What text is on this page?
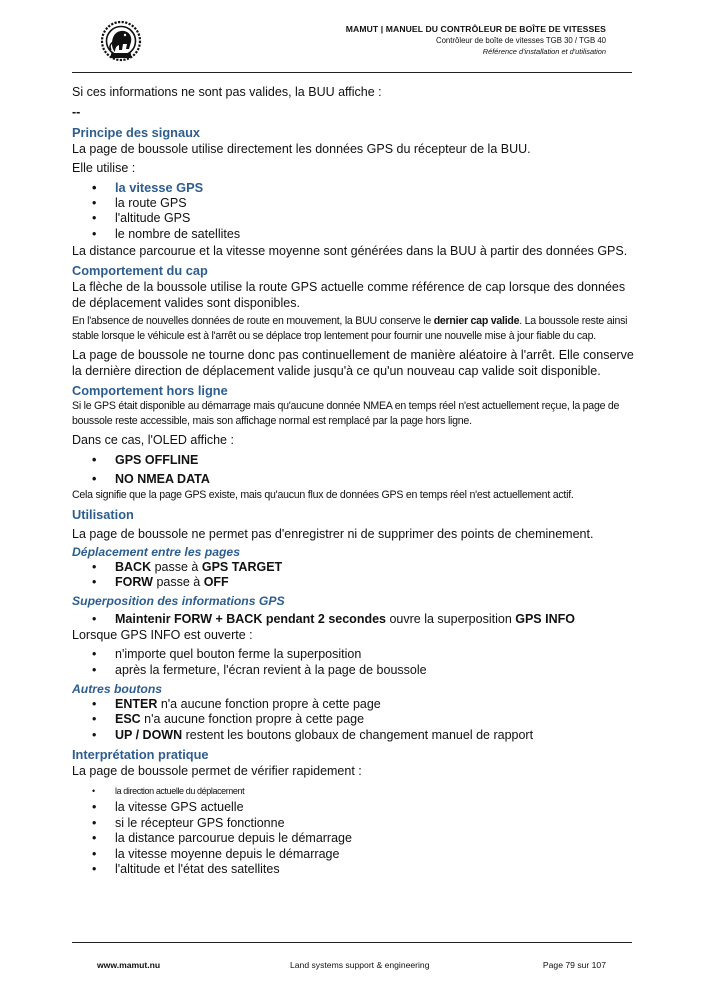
MAMUT | MANUEL DU CONTRÔLEUR DE BOÎTE DE VITESSES
Contrôleur de boîte de vitesses TGB 30 / TGB 40
Référence d'installation et d'utilisation

Si ces informations ne sont pas valides, la BUU affiche :

--

Principe des signaux

La page de boussole utilise directement les données GPS du récepteur de la BUU.

Elle utilise :

• la vitesse GPS
• la route GPS
• l'altitude GPS
• le nombre de satellites

La distance parcourue et la vitesse moyenne sont générées dans la BUU à partir des données GPS.

Comportement du cap

La flèche de la boussole utilise la route GPS actuelle comme référence de cap lorsque des données de déplacement valides sont disponibles.

En l'absence de nouvelles données de route en mouvement, la BUU conserve le dernier cap valide. La boussole reste ainsi stable lorsque le véhicule est à l'arrêt ou se déplace trop lentement pour fournir une nouvelle mise à jour fiable du cap.

La page de boussole ne tourne donc pas continuellement de manière aléatoire à l'arrêt. Elle conserve la dernière direction de déplacement valide jusqu'à ce qu'un nouveau cap valide soit disponible.

Comportement hors ligne

Si le GPS était disponible au démarrage mais qu'aucune donnée NMEA en temps réel n'est actuellement reçue, la page de boussole reste accessible, mais son affichage normal est remplacé par la page hors ligne.

Dans ce cas, l'OLED affiche :

• GPS OFFLINE
• NO NMEA DATA

Cela signifie que la page GPS existe, mais qu'aucun flux de données GPS en temps réel n'est actuellement actif.

Utilisation

La page de boussole ne permet pas d'enregistrer ni de supprimer des points de cheminement.

Déplacement entre les pages
• BACK passe à GPS TARGET
• FORW passe à OFF
Superposition des informations GPS
• Maintenir FORW + BACK pendant 2 secondes ouvre la superposition GPS INFO

Lorsque GPS INFO est ouverte :

• n'importe quel bouton ferme la superposition
• après la fermeture, l'écran revient à la page de boussole
Autres boutons
• ENTER n'a aucune fonction propre à cette page
• ESC n'a aucune fonction propre à cette page
• UP / DOWN restent les boutons globaux de changement manuel de rapport
Interprétation pratique

La page de boussole permet de vérifier rapidement :

• la direction actuelle du déplacement
• la vitesse GPS actuelle
• si le récepteur GPS fonctionne
• la distance parcourue depuis le démarrage
• la vitesse moyenne depuis le démarrage
• l'altitude et l'état des satellites
www.mamut.nu	Land systems support & engineering	Page 79 sur 107
